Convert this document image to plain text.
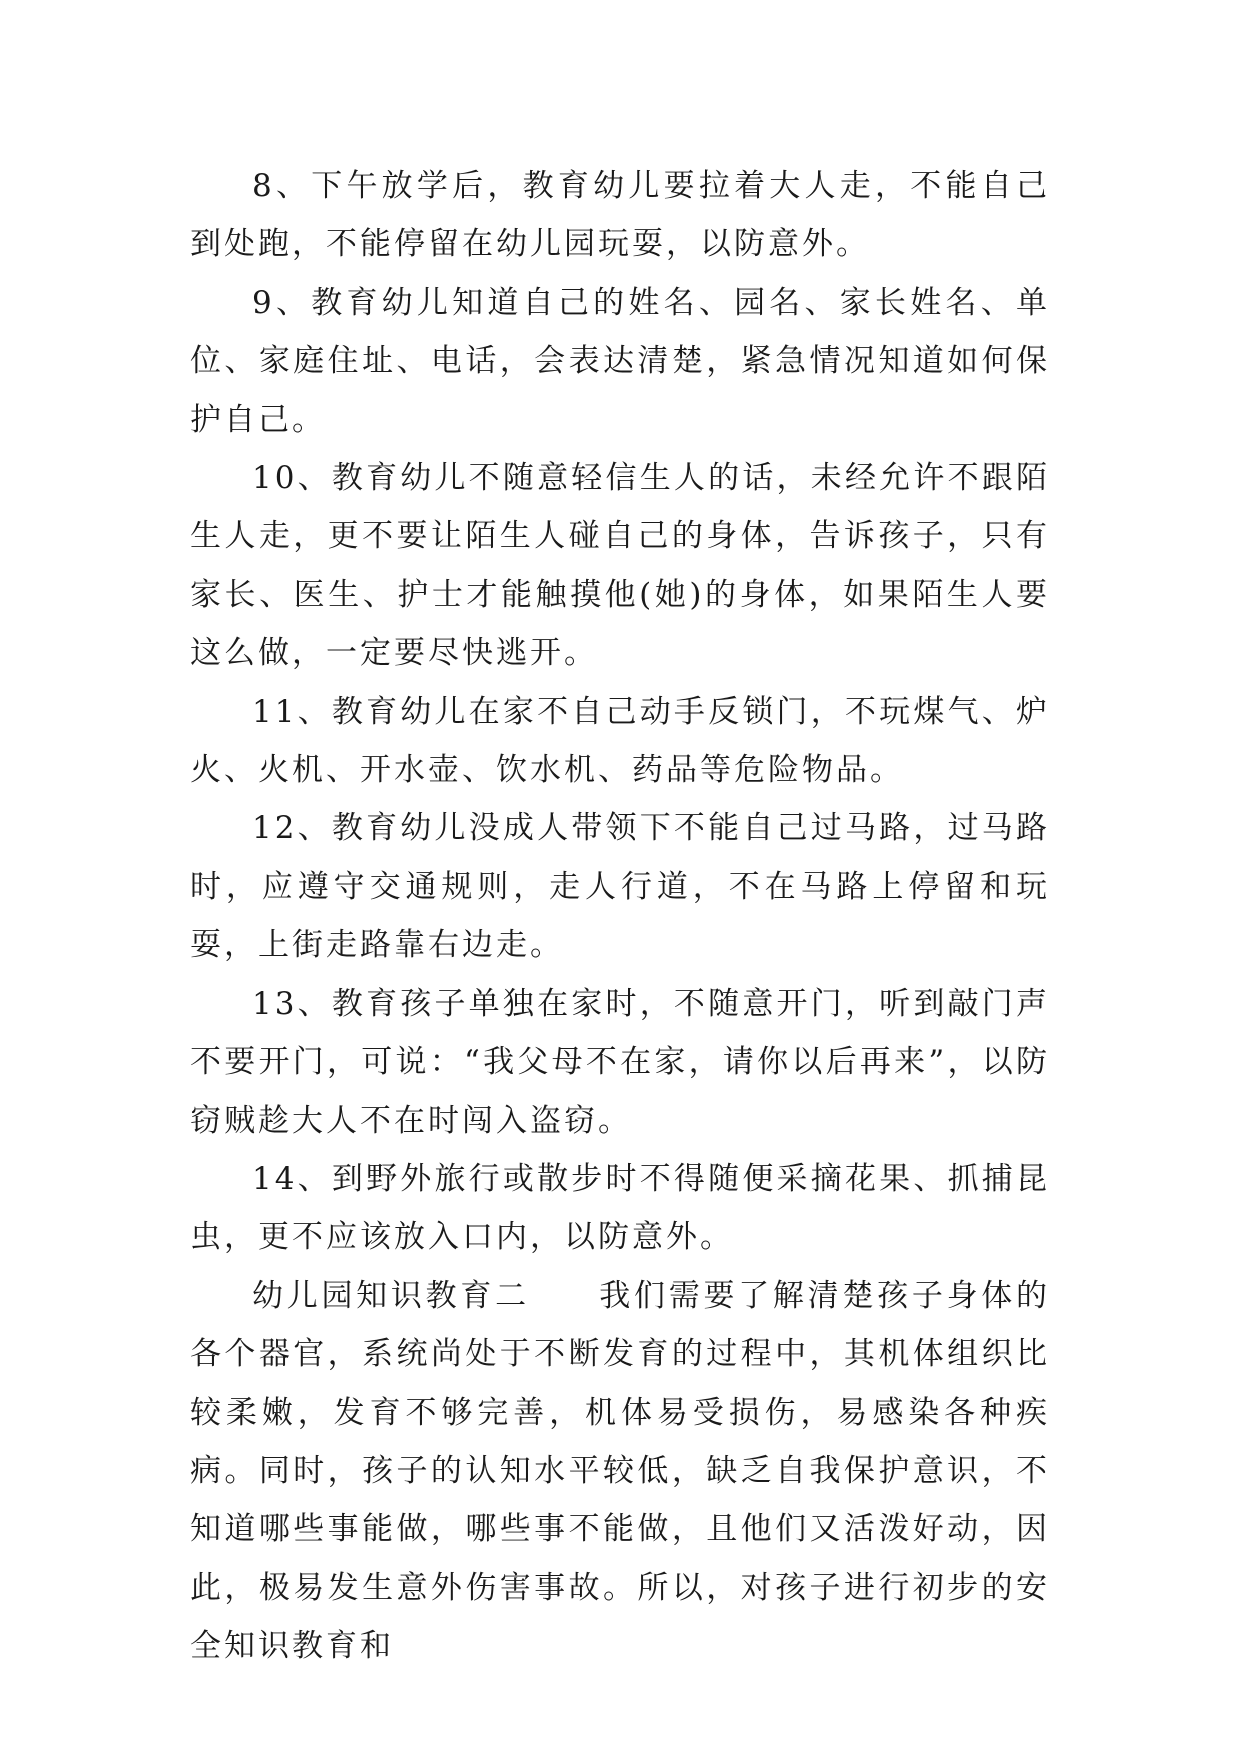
8、下午放学后，教育幼儿要拉着大人走，不能自己到处跑，不能停留在幼儿园玩耍，以防意外。

9、教育幼儿知道自己的姓名、园名、家长姓名、单位、家庭住址、电话，会表达清楚，紧急情况知道如何保护自己。

10、教育幼儿不随意轻信生人的话，未经允许不跟陌生人走，更不要让陌生人碰自己的身体，告诉孩子，只有家长、医生、护士才能触摸他(她)的身体，如果陌生人要这么做，一定要尽快逃开。

11、教育幼儿在家不自己动手反锁门，不玩煤气、炉火、火机、开水壶、饮水机、药品等危险物品。

12、教育幼儿没成人带领下不能自己过马路，过马路时，应遵守交通规则，走人行道，不在马路上停留和玩耍，上街走路靠右边走。

13、教育孩子单独在家时，不随意开门，听到敲门声不要开门，可说：“我父母不在家，请你以后再来”，以防窃贼趁大人不在时闯入盗窃。

14、到野外旅行或散步时不得随便采摘花果、抓捕昆虫，更不应该放入口内，以防意外。

幼儿园知识教育二　　 我们需要了解清楚孩子身体的各个器官，系统尚处于不断发育的过程中，其机体组织比较柔嫩，发育不够完善，机体易受损伤，易感染各种疾病。同时，孩子的认知水平较低，缺乏自我保护意识，不知道哪些事能做，哪些事不能做，且他们又活泼好动，因此，极易发生意外伤害事故。所以，对孩子进行初步的安全知识教育和
